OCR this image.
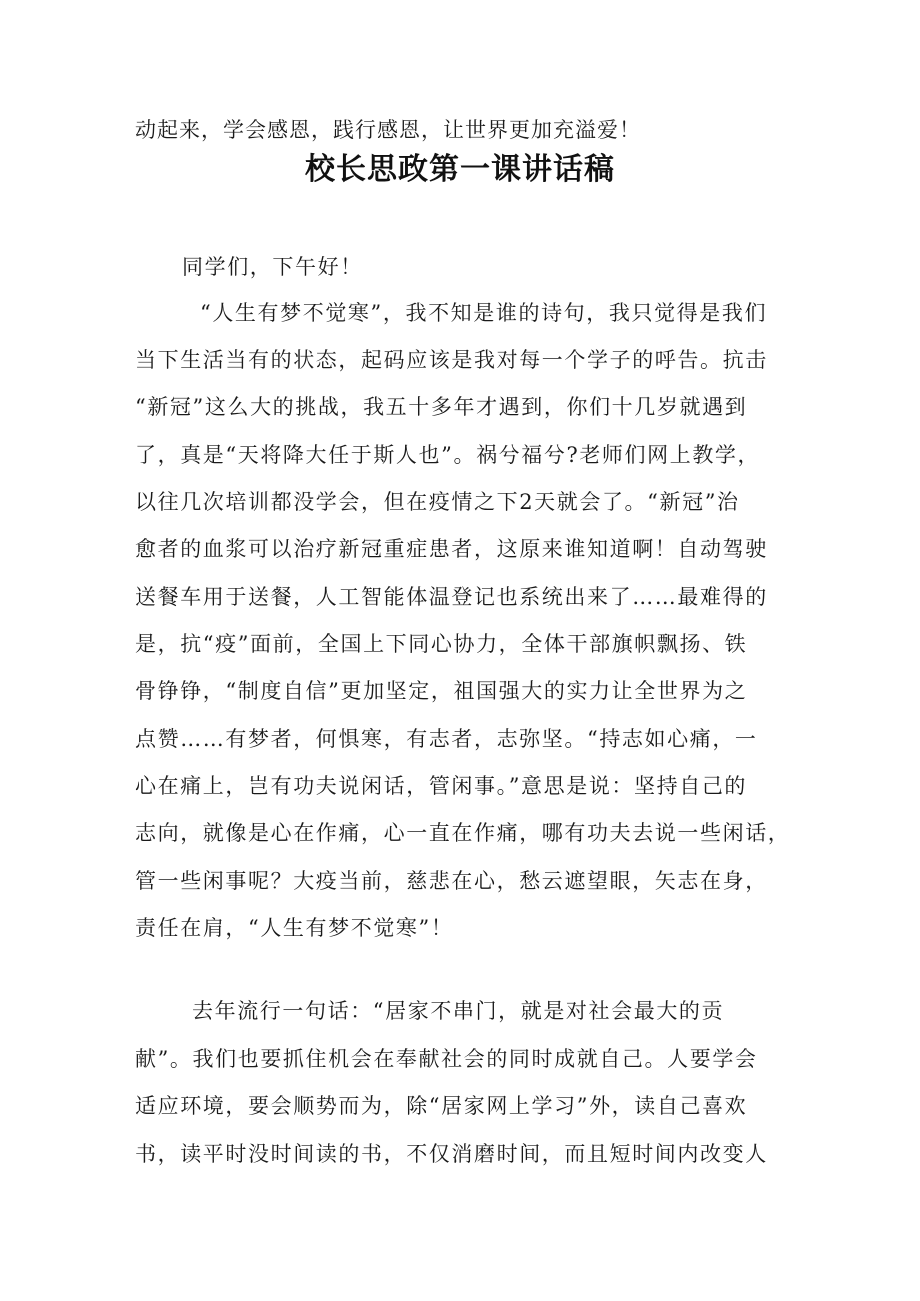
动起来，学会感恩，践行感恩，让世界更加充溢爱！
校长思政第一课讲话稿
同学们，下午好！
“人生有梦不觉寒”，我不知是谁的诗句，我只觉得是我们
当下生活当有的状态，起码应该是我对每一个学子的呼告。抗击
“新冠”这么大的挑战，我五十多年才遇到，你们十几岁就遇到
了，真是“天将降大任于斯人也”。祸兮福兮?老师们网上教学，
以往几次培训都没学会，但在疫情之下2天就会了。“新冠”治
愈者的血浆可以治疗新冠重症患者，这原来谁知道啊！自动驾驶
送餐车用于送餐，人工智能体温登记也系统出来了……最难得的
是，抗“疫”面前，全国上下同心协力，全体干部旗帜飘扬、铁
骨铮铮，“制度自信”更加坚定，祖国强大的实力让全世界为之
点赞……有梦者，何惧寒，有志者，志弥坚。“持志如心痛，一
心在痛上，岂有功夫说闲话，管闲事。”意思是说：坚持自己的
志向，就像是心在作痛，心一直在作痛，哪有功夫去说一些闲话，
管一些闲事呢？大疫当前，慈悲在心，愁云遮望眼，矢志在身，
责任在肩，“人生有梦不觉寒”！
去年流行一句话：“居家不串门，就是对社会最大的贡
献”。我们也要抓住机会在奉献社会的同时成就自己。人要学会
适应环境，要会顺势而为，除“居家网上学习”外，读自己喜欢
书，读平时没时间读的书，不仅消磨时间，而且短时间内改变人
